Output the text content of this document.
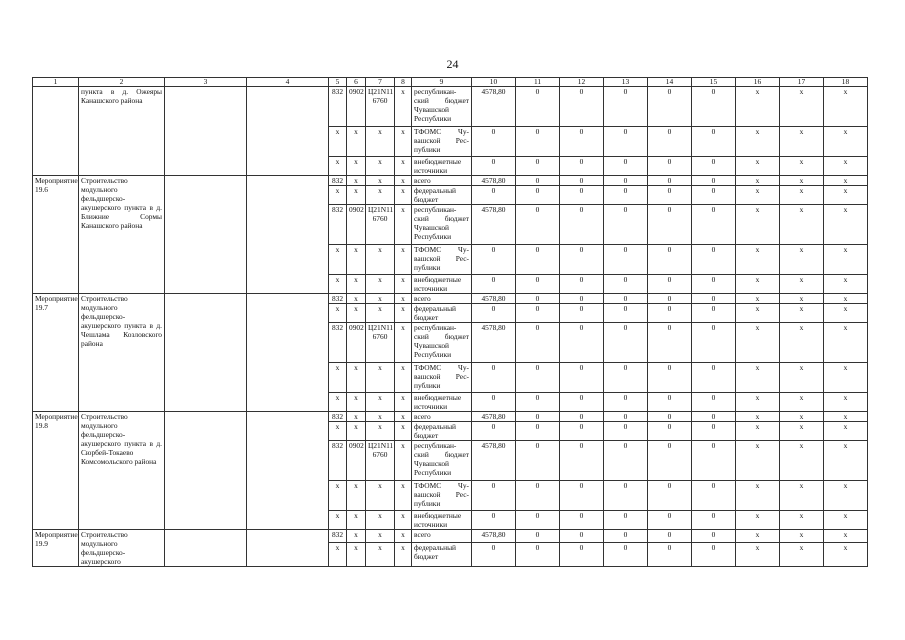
24
1	2	3	4	5	6	7	8	9	10	11	12	13	14	15	16	17	18
	пункта в д. Ожеяры Канашского района			832	0902	Ц21N11 6760	x	республикан-ский бюджет Чувашской Республики	4578,80	0	0	0	0	0	x	x	x
				x	x	x	x	ТФОМС Чу-вашской Рес-публики	0	0	0	0	0	0	x	x	x
				x	x	x	x	внебюджетные источники	0	0	0	0	0	0	x	x	x
Мероприятие 19.6	Строительство модульного фельдшерско-акушерского пункта в д. Ближние Сормы Канашского района			832	x	x	x	всего	4578,80	0	0	0	0	0	x	x	x
				x	x	x	x	федеральный бюджет	0	0	0	0	0	0	x	x	x
				832	0902	Ц21N11 6760	x	республикан-ский бюджет Чувашской Республики	4578,80	0	0	0	0	0	x	x	x
				x	x	x	x	ТФОМС Чу-вашской Рес-публики	0	0	0	0	0	0	x	x	x
				x	x	x	x	внебюджетные источники	0	0	0	0	0	0	x	x	x
Мероприятие 19.7	Строительство модульного фельдшерско-акушерского пункта в д. Чешлама Козловского района			832	x	x	x	всего	4578,80	0	0	0	0	0	x	x	x
				x	x	x	x	федеральный бюджет	0	0	0	0	0	0	x	x	x
				832	0902	Ц21N11 6760	x	республикан-ский бюджет Чувашской Республики	4578,80	0	0	0	0	0	x	x	x
				x	x	x	x	ТФОМС Чу-вашской Рес-публики	0	0	0	0	0	0	x	x	x
				x	x	x	x	внебюджетные источники	0	0	0	0	0	0	x	x	x
Мероприятие 19.8	Строительство модульного фельдшерско-акушерского пункта в д. Сюрбей-Токаево Комсомольского района			832	x	x	x	всего	4578,80	0	0	0	0	0	x	x	x
				x	x	x	x	федеральный бюджет	0	0	0	0	0	0	x	x	x
				832	0902	Ц21N11 6760	x	республикан-ский бюджет Чувашской Республики	4578,80	0	0	0	0	0	x	x	x
				x	x	x	x	ТФОМС Чу-вашской Рес-публики	0	0	0	0	0	0	x	x	x
				x	x	x	x	внебюджетные источники	0	0	0	0	0	0	x	x	x
Мероприятие 19.9	Строительство модульного фельдшерско-акушерского			832	x	x	x	всего	4578,80	0	0	0	0	0	x	x	x
				x	x	x	x	федеральный бюджет	0	0	0	0	0	0	x	x	x
